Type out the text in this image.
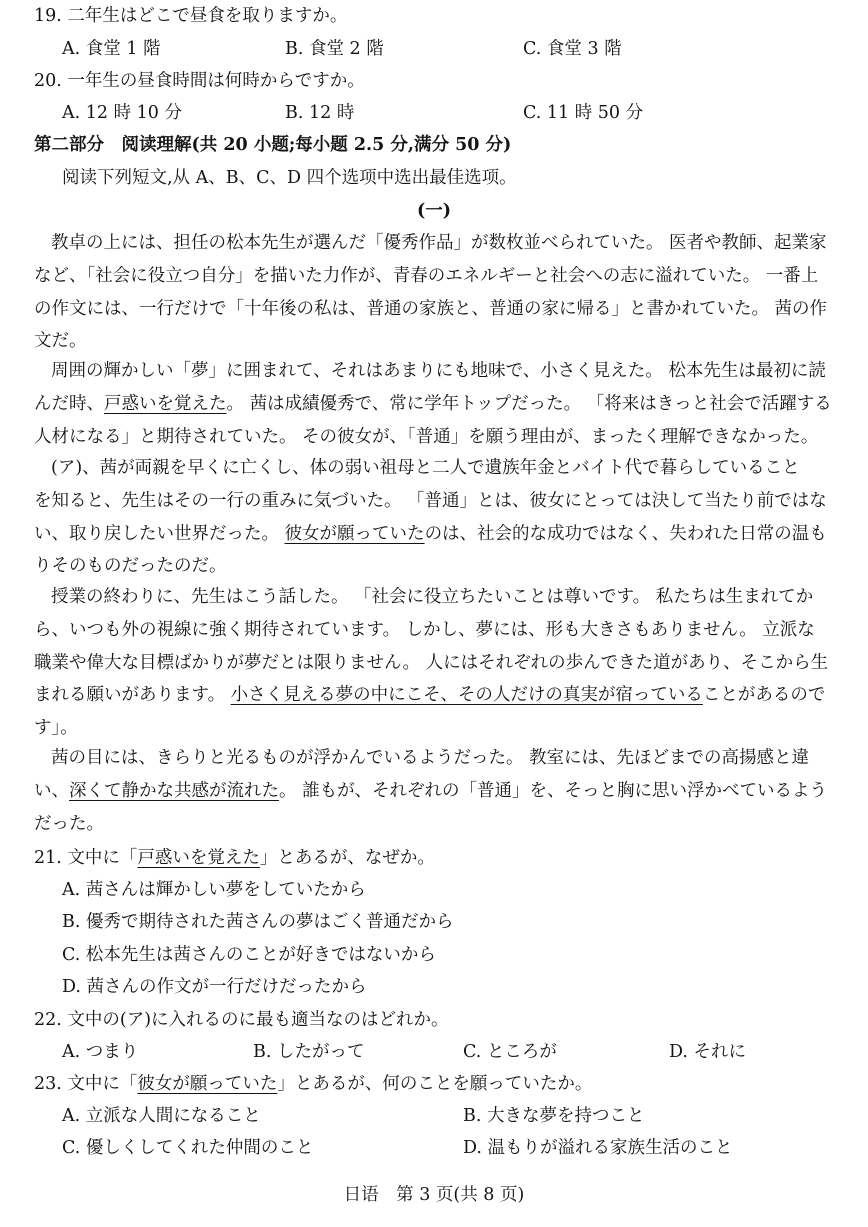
19. 二年生はどこで昼食を取りますか。
A. 食堂 1 階	B. 食堂 2 階	C. 食堂 3 階
20. 一年生の昼食時間は何時からですか。
A. 12 時 10 分	B. 12 時	C. 11 時 50 分
第二部分　阅读理解(共 20 小题;每小题 2.5 分,满分 50 分)
阅读下列短文,从 A、B、C、D 四个选项中选出最佳选项。
(一)
教卓の上には、担任の松本先生が選んだ「優秀作品」が数枚並べられていた。 医者や教師、起業家
など、「社会に役立つ自分」を描いた力作が、青春のエネルギーと社会への志に溢れていた。 一番上
の作文には、一行だけで「十年後の私は、普通の家族と、普通の家に帰る」と書かれていた。 茜の作
文だ。
周囲の輝かしい「夢」に囲まれて、それはあまりにも地味で、小さく見えた。 松本先生は最初に読
んだ時、戸惑いを覚えた。 茜は成績優秀で、常に学年トップだった。 「将来はきっと社会で活躍する
人材になる」と期待されていた。 その彼女が、「普通」を願う理由が、まったく理解できなかった。
(ア)、茜が両親を早くに亡くし、体の弱い祖母と二人で遺族年金とバイト代で暮らしていること
を知ると、先生はその一行の重みに気づいた。 「普通」とは、彼女にとっては決して当たり前ではな
い、取り戻したい世界だった。 彼女が願っていたのは、社会的な成功ではなく、失われた日常の温も
りそのものだったのだ。
授業の終わりに、先生はこう話した。 「社会に役立ちたいことは尊いです。 私たちは生まれてか
ら、いつも外の視線に強く期待されています。 しかし、夢には、形も大きさもありません。 立派な
職業や偉大な目標ばかりが夢だとは限りません。 人にはそれぞれの歩んできた道があり、そこから生
まれる願いがあります。 小さく見える夢の中にこそ、その人だけの真実が宿っていることがあるので
す」。
茜の目には、きらりと光るものが浮かんでいるようだった。 教室には、先ほどまでの高揚感と違
い、深くて静かな共感が流れた。 誰もが、それぞれの「普通」を、そっと胸に思い浮かべているよう
だった。
21. 文中に「戸惑いを覚えた」とあるが、なぜか。
A. 茜さんは輝かしい夢をしていたから
B. 優秀で期待された茜さんの夢はごく普通だから
C. 松本先生は茜さんのことが好きではないから
D. 茜さんの作文が一行だけだったから
22. 文中の(ア)に入れるのに最も適当なのはどれか。
A. つまり	B. したがって	C. ところが	D. それに
23. 文中に「彼女が願っていた」とあるが、何のことを願っていたか。
A. 立派な人間になること	B. 大きな夢を持つこと
C. 優しくしてくれた仲間のこと	D. 温もりが溢れる家族生活のこと
日语　第 3 页(共 8 页)
